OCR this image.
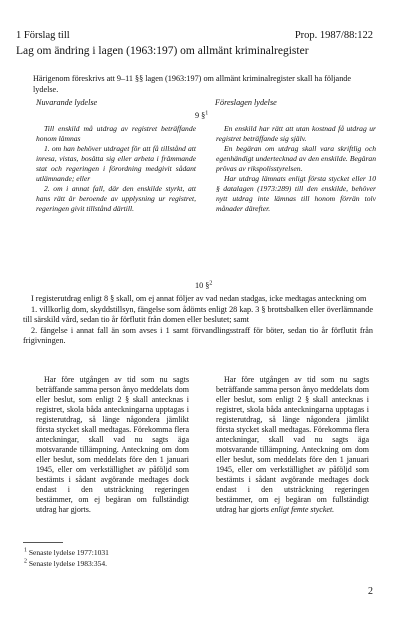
1 Förslag till	Prop. 1987/88:122
Lag om ändring i lagen (1963:197) om allmänt kriminalregister
Härigenom föreskrivs att 9–11 §§ lagen (1963:197) om allmänt kriminalregister skall ha följande lydelse.
Nuvarande lydelse	Föreslagen lydelse
9 §$^1$

Till enskild må utdrag av registret beträffande honom lämnas

1. om han behöver utdraget för att få tillstånd att inresa, vistas, bosätta sig eller arbeta i främmande stat och regeringen i förordning medgivit sådant utlämnande; eller

2. om i annat fall, där den enskilde styrkt, att hans rätt är beroende av upplysning ur registret, regeringen givit tillstånd därtill.

En enskild har rätt att utan kostnad få utdrag ur registret beträffande sig själv.

En begäran om utdrag skall vara skriftlig och egenhändigt undertecknad av den enskilde. Begäran prövas av rikspolisstyrelsen.

Har utdrag lämnats enligt första stycket eller 10 § datalagen (1973:289) till den enskilde, behöver nytt utdrag inte lämnas till honom förrän tolv månader därefter.

10 §$^2$

I registerutdrag enligt 8 § skall, om ej annat följer av vad nedan stadgas, icke medtagas anteckning om

1. villkorlig dom, skyddstillsyn, fängelse som ådömts enligt 28 kap. 3 § brottsbalken eller överlämnande till särskild vård, sedan tio år förflutit från domen eller beslutet; samt

2. fängelse i annat fall än som avses i 1 samt förvandlingsstraff för böter, sedan tio år förflutit från frigivningen.

Har före utgången av tid som nu sagts beträffande samma person ånyo meddelats dom eller beslut, som enligt 2 § skall antecknas i registret, skola båda anteckningarna upptagas i registerutdrag, så länge någondera jämlikt första stycket skall medtagas. Förekomma flera anteckningar, skall vad nu sagts äga motsvarande tillämpning. Anteckning om dom eller beslut, som meddelats före den 1 januari 1945, eller om verkställighet av påföljd som bestämts i sådant avgörande medtages dock endast i den utsträckning regeringen bestämmer, om ej begäran om fullständigt utdrag har gjorts.

Har före utgången av tid som nu sagts beträffande samma person ånyo meddelats dom eller beslut, som enligt 2 § skall antecknas i registret, skola båda anteckningarna upptagas i registerutdrag, så länge någondera jämlikt första stycket skall medtagas. Förekomma flera anteckningar, skall vad nu sagts äga motsvarande tillämpning. Anteckning om dom eller beslut, som meddelats före den 1 januari 1945, eller om verkställighet av påföljd som bestämts i sådant avgörande medtages dock endast i den utsträckning regeringen bestämmer, om ej begäran om fullständigt utdrag har gjorts enligt femte stycket.

$^1$ Senaste lydelse 1977:1031
$^2$ Senaste lydelse 1983:354.
2
